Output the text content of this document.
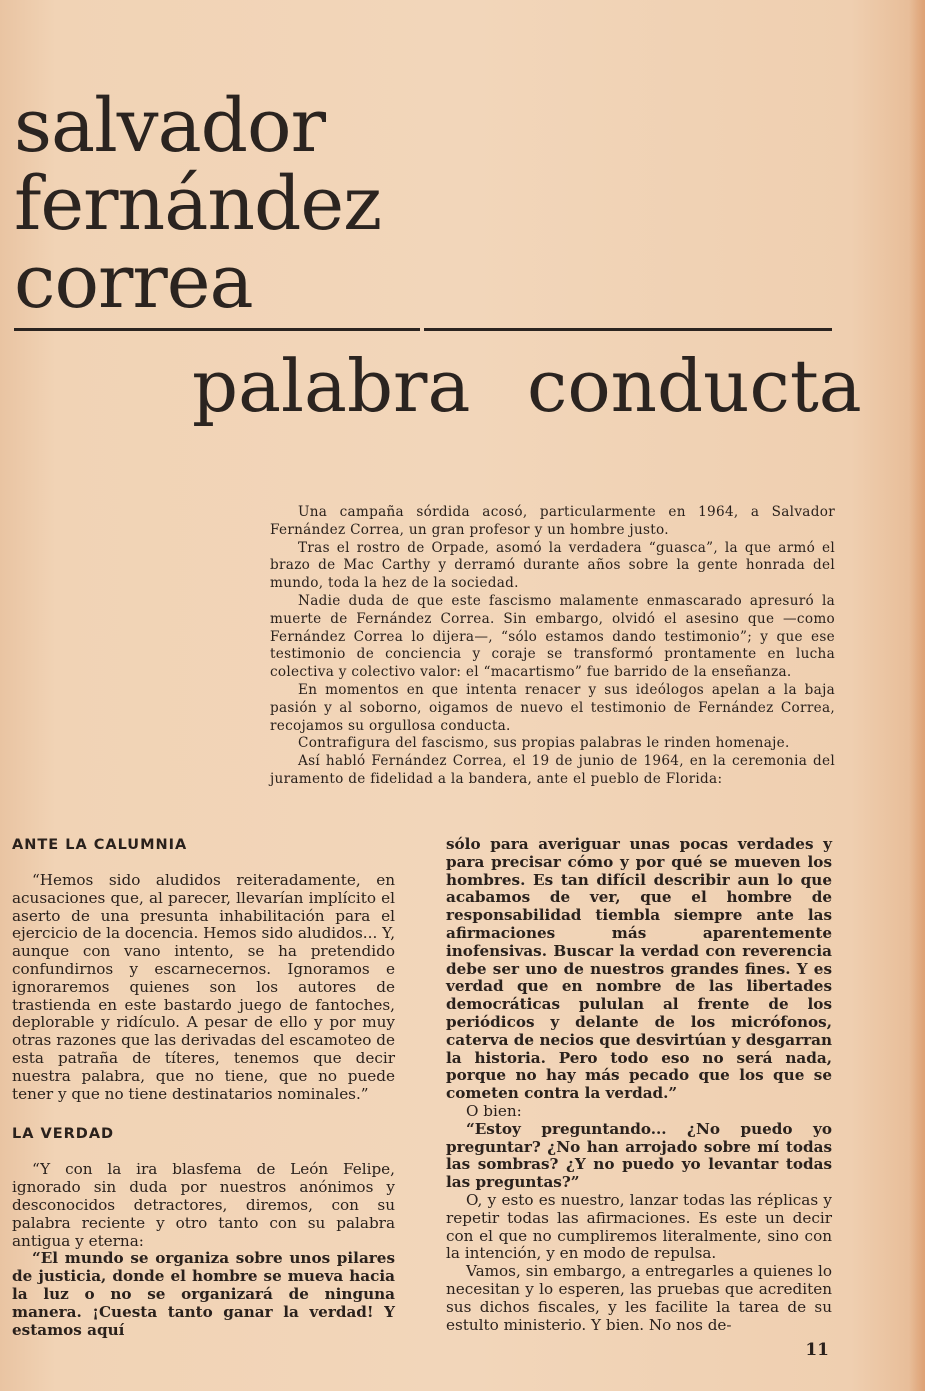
salvador
fernández
correa
palabra conducta

Una campaña sórdida acosó, particularmente en 1964, a Salvador Fernández Correa, un gran profesor y un hombre justo.

Tras el rostro de Orpade, asomó la verdadera “guasca”, la que armó el brazo de Mac Carthy y derramó durante años sobre la gente honrada del mundo, toda la hez de la sociedad.

Nadie duda de que este fascismo malamente enmascarado apresuró la muerte de Fernández Correa. Sin embargo, olvidó el asesino que —como Fernández Correa lo dijera—, “sólo estamos dando testimonio”; y que ese testimonio de conciencia y coraje se transformó prontamente en lucha colectiva y colectivo valor: el “macartismo” fue barrido de la enseñanza.

En momentos en que intenta renacer y sus ideólogos apelan a la baja pasión y al soborno, oigamos de nuevo el testimonio de Fernández Correa, recojamos su orgullosa conducta.

Contrafigura del fascismo, sus propias palabras le rinden homenaje.

Así habló Fernández Correa, el 19 de junio de 1964, en la ceremonia del juramento de fidelidad a la bandera, ante el pueblo de Florida:

ANTE LA CALUMNIA

“Hemos sido aludidos reiteradamente, en acusaciones que, al parecer, llevarían implícito el aserto de una presunta inhabilitación para el ejercicio de la docencia. Hemos sido aludidos... Y, aunque con vano intento, se ha pretendido confundirnos y escarnecernos. Ignoramos e ignoraremos quienes son los autores de trastienda en este bastardo juego de fantoches, deplorable y ridículo. A pesar de ello y por muy otras razones que las derivadas del escamoteo de esta patraña de títeres, tenemos que decir nuestra palabra, que no tiene, que no puede tener y que no tiene destinatarios nominales.”

LA VERDAD

“Y con la ira blasfema de León Felipe, ignorado sin duda por nuestros anónimos y desconocidos detractores, diremos, con su palabra reciente y otro tanto con su palabra antigua y eterna:

“El mundo se organiza sobre unos pilares de justicia, donde el hombre se mueva hacia la luz o no se organizará de ninguna manera. ¡Cuesta tanto ganar la verdad! Y estamos aquí

sólo para averiguar unas pocas verdades y para precisar cómo y por qué se mueven los hombres. Es tan difícil describir aun lo que acabamos de ver, que el hombre de responsabilidad tiembla siempre ante las afirmaciones más aparentemente inofensivas. Buscar la verdad con reverencia debe ser uno de nuestros grandes fines. Y es verdad que en nombre de las libertades democráticas pululan al frente de los periódicos y delante de los micrófonos, caterva de necios que desvirtúan y desgarran la historia. Pero todo eso no será nada, porque no hay más pecado que los que se cometen contra la verdad.”

O bien:

“Estoy preguntando... ¿No puedo yo preguntar? ¿No han arrojado sobre mí todas las sombras? ¿Y no puedo yo levantar todas las preguntas?”

O, y esto es nuestro, lanzar todas las réplicas y repetir todas las afirmaciones. Es este un decir con el que no cumpliremos literalmente, sino con la intención, y en modo de repulsa.

Vamos, sin embargo, a entregarles a quienes lo necesitan y lo esperen, las pruebas que acrediten sus dichos fiscales, y les facilite la tarea de su estulto ministerio. Y bien. No nos de-

11
